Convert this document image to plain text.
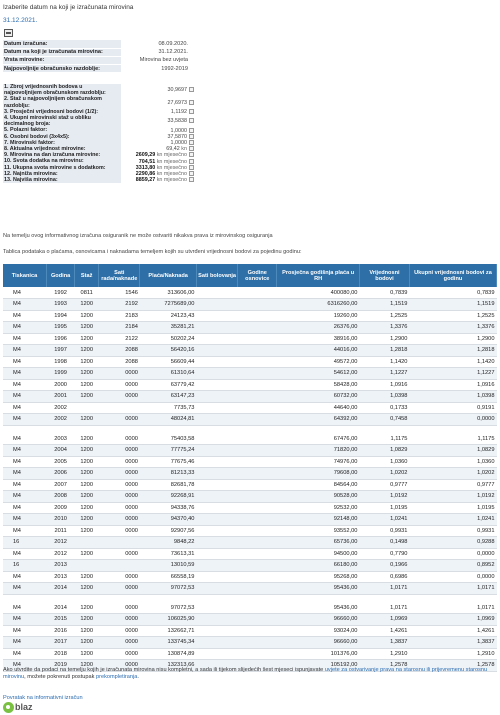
Izaberite datum na koji je izračunata mirovina
31.12.2021.
Datum izračuna:	08.09.2020.
Datum na koji je izračunata mirovina:	31.12.2021.
Vrsta mirovine:	Mirovina bez uvjeta
Najpovoljnije obračunsko razdoblje:	1992-2019
1. Zbroj vrijednosnih bodova u najpovoljnijem obračunskom razdoblju:	30,9697	
2. Staž u najpovoljnijem obračunskom razdoblju:	27,6973	
3. Prosječni vrijednosni bodovi (1/2):	1,1192	
4. Ukupni mirovinski staž u obliku decimalnog broja:	33,5838	
5. Polazni faktor:	1,0000	
6. Osobni bodovi (3x4x5):	37,5870	
7. Mirovinski faktor:	1,0000	
8. Aktualna vrijednost mirovine:	69,42 kn	
9. Mirovina na dan izračuna mirovine:	2609,29 kn mjesečno	
10. Svota dodatka na mirovinu:	704,51 kn mjesečno	
11. Ukupna svota mirovine s dodatkom:	3313,80 kn mjesečno	
12. Najniža mirovina:	2290,86 kn mjesečno	
13. Najviša mirovina:	8859,27 kn mjesečno	
Na temelju ovog informativnog izračuna osiguranik ne može ostvariti nikakva prava iz mirovinskog osiguranja
Tablica podataka o plaćama, osnovicama i naknadama temeljem kojih su utvrđeni vrijednosni bodovi za pojedinu godinu:
Tiskanica	Godina	Staž	Sati rada/naknade	Plaća/Naknada	Sati bolovanja	Godine osnovice	Prosječna godišnja plaća u RH	Vrijednosni bodovi	Ukupni vrijednosni bodovi za godinu
M4	1992	0811	1546	313606,00			400080,00	0,7839	0,7839
M4	1993	1200	2192	7275689,00			6316260,00	1,1519	1,1519
M4	1994	1200	2183	24123,43			19260,00	1,2525	1,2525
M4	1995	1200	2184	35281,21			26376,00	1,3376	1,3376
M4	1996	1200	2122	50202,24			38916,00	1,2900	1,2900
M4	1997	1200	2088	56420,16			44016,00	1,2818	1,2818
M4	1998	1200	2088	56609,44			49572,00	1,1420	1,1420
M4	1999	1200	0000	61310,64			54612,00	1,1227	1,1227
M4	2000	1200	0000	63779,42			58428,00	1,0916	1,0916
M4	2001	1200	0000	63147,23			60732,00	1,0398	1,0398
M4	2002			7735,73			44640,00	0,1733	0,9191
M4	2002	1200	0000	48024,81			64392,00	0,7458	0,0000

M4	2003	1200	0000	75403,58			67476,00	1,1175	1,1175
M4	2004	1200	0000	77775,24			71820,00	1,0829	1,0829
M4	2005	1200	0000	77675,46			74976,00	1,0360	1,0360
M4	2006	1200	0000	81213,33			79608,00	1,0202	1,0202
M4	2007	1200	0000	82681,78			84564,00	0,9777	0,9777
M4	2008	1200	0000	92268,91			90528,00	1,0192	1,0192
M4	2009	1200	0000	94338,76			92532,00	1,0195	1,0195
M4	2010	1200	0000	94370,40			92148,00	1,0241	1,0241
M4	2011	1200	0000	92907,56			93552,00	0,9931	0,9931
16	2012			9848,22			65736,00	0,1498	0,9288
M4	2012	1200	0000	73613,31			94500,00	0,7790	0,0000
16	2013			13010,59			66180,00	0,1966	0,8952
M4	2013	1200	0000	66558,19			95268,00	0,6986	0,0000
M4	2014	1200	0000	97072,53			95436,00	1,0171	1,0171

M4	2014	1200	0000	97072,53			95436,00	1,0171	1,0171
M4	2015	1200	0000	106025,90			96660,00	1,0969	1,0969
M4	2016	1200	0000	132662,71			93024,00	1,4261	1,4261
M4	2017	1200	0000	133745,34			96660,00	1,3837	1,3837
M4	2018	1200	0000	130874,89			101376,00	1,2910	1,2910
M4	2019	1200	0000	132313,66			105192,00	1,2578	1,2578
Ako utvrdite da podaci na temelju kojih je izračunata mirovina nisu kompletni, a sada ili tijekom slijedećih šest mjeseci ispunjavate uvjete za ostvarivanje prava na starosnu ili prijevremenu starosnu mirovinu, možete pokrenuti postupak prekompletiranja.
Povratak na informativni izračun
blaz
